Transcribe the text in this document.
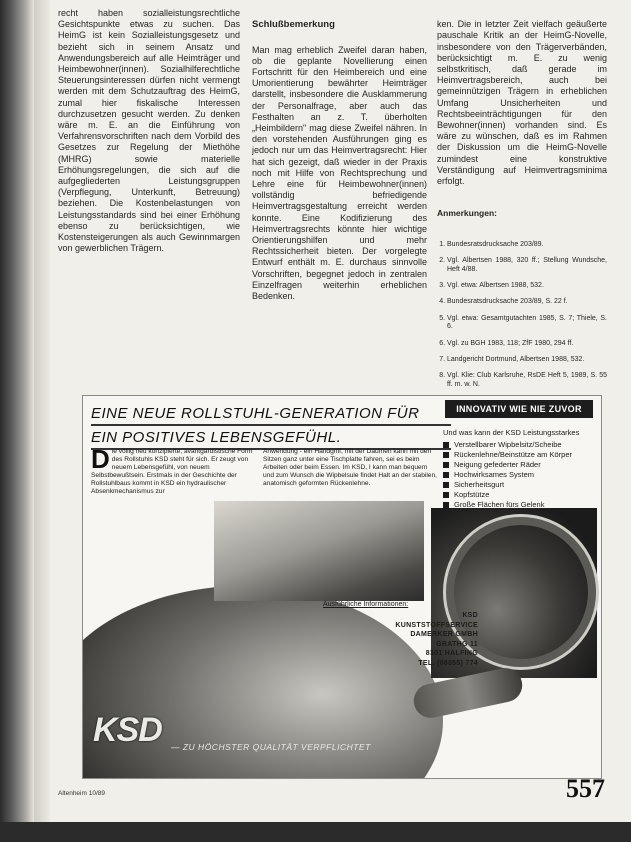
recht haben sozialleistungsrechtliche Gesichtspunkte etwas zu suchen. Das HeimG ist kein Sozialleistungsgesetz und bezieht sich in seinem Ansatz und Anwendungsbereich auf alle Heimträger und Heimbewohner(innen). Sozialhilferechtliche Steuerungsinteressen dürfen nicht vermengt werden mit dem Schutzauftrag des HeimG, zumal hier fiskalische Interessen durchzusetzen gesucht werden. Zu denken wäre m. E. an die Einführung von Verfahrensvorschriften nach dem Vorbild des Gesetzes zur Regelung der Miethöhe (MHRG) sowie materielle Erhöhungsregelungen, die sich auf die aufgegliederten Leistungsgruppen (Verpflegung, Unterkunft, Betreuung) beziehen. Die Kostenbelastungen von Leistungsstandards sind bei einer Erhöhung ebenso zu berücksichtigen, wie Kostensteigerungen als auch Gewinnmargen von gewerblichen Trägern.

Schlußbemerkung

Man mag erheblich Zweifel daran haben, ob die geplante Novellierung einen Fortschritt für den Heimbereich und eine Umorientierung bewährter Heimträger darstellt, insbesondere die Ausklammerung der Personalfrage, aber auch das Festhalten an z. T. überholten „Heimbildern" mag diese Zweifel nähren. In den vorstehenden Ausführungen ging es jedoch nur um das Heimvertragsrecht: Hier hat sich gezeigt, daß wieder in der Praxis noch mit Hilfe von Rechtsprechung und Lehre eine für Heimbewohner(innen) vollständig befriedigende Heimvertragsgestaltung erreicht werden konnte. Eine Kodifizierung des Heimvertragsrechts könnte hier wichtige Orientierungshilfen und mehr Rechtssicherheit bieten. Der vorgelegte Entwurf enthält m. E. durchaus sinnvolle Vorschriften, begegnet jedoch in zentralen Einzelfragen weiterhin erheblichen Bedenken.

ken. Die in letzter Zeit vielfach geäußerte pauschale Kritik an der HeimG-Novelle, insbesondere von den Trägerverbänden, berücksichtigt m. E. zu wenig selbstkritisch, daß gerade im Heimvertragsbereich, auch bei gemeinnützigen Trägern in erheblichen Umfang Unsicherheiten und Rechtsbeeinträchtigungen für den Bewohner(innen) vorhanden sind. Es wäre zu wünschen, daß es im Rahmen der Diskussion um die HeimG-Novelle zumindest eine konstruktive Verständigung auf Heimvertragsminima erfolgt.

Anmerkungen:

1. Bundesratsdrucksache 203/89.

2. Vgl. Albertsen 1988, 320 ff.; Stellung Wundsche, Heft 4/88.

3. Vgl. etwa: Albertsen 1988, 532.

4. Bundesratsdrucksache 203/89, S. 22 f.

5. Vgl. etwa: Gesamtgutachten 1985, S. 7; Thiele, S. 6.

6. Vgl. zu BGH 1983, 118; ZfF 1980, 294 ff.

7. Landgericht Dortmund, Albertsen 1988, 532.

8. Vgl. Klie: Club Karlsruhe, RsDE Heft 5, 1989, S. 55 ff. m. w. N.

EINE NEUE ROLLSTUHL-GENERATION FÜR
EIN POSITIVES LEBENSGEFÜHL.
INNOVATIV WIE NIE ZUVOR
Die völlig neu konzipierte, avantgardistische Form des Rollstuhls KSD steht für sich. Er zeugt von neuem Lebensgefühl, von neuem Selbstbewußtsein. Erstmals in der Geschichte der Rollstuhlbaus kommt in KSD ein hydraulischer Absenkmechanismus zur
Anwendung - ein Handgriff, mit der Daumen kann mit den Sitzen ganz unter eine Tischplatte fahren, sei es beim Arbeiten oder beim Essen. Im KSD, I kann man bequem und zum Wunsch die Wipbelsule findet Halt an der stabilen, anatomisch geformten Rückenlehne.
Und was kann der KSD Leistungsstarkes
Verstellbarer Wipbelsitz/Scheibe
Rückenlehne/Beinstütze am Körper
Neigung gefederter Räder
Hochwirksames System
Sicherheitsgurt
Kopfstütze
Große Flächen fürs Gelenk
Ausführliche Informationen:
KSD
KUNSTSTOFFSERVICE
DAMERKER GMBH
GRATHG 11
8301 HALFING
TEL. (08055) 774
KSD — ZU HÖCHSTER QUALITÄT VERPFLICHTET
Altenheim 10/89	557
